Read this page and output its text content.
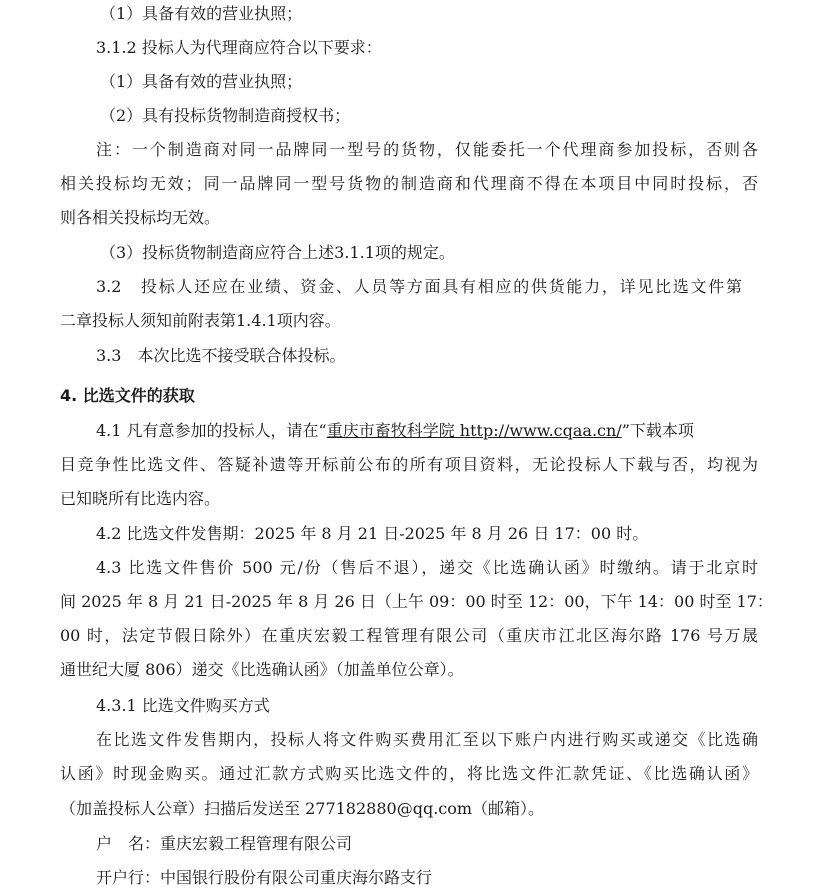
（1）具备有效的营业执照；
3.1.2 投标人为代理商应符合以下要求：
（1）具备有效的营业执照；
（2）具有投标货物制造商授权书；
注：一个制造商对同一品牌同一型号的货物，仅能委托一个代理商参加投标，否则各
相关投标均无效；同一品牌同一型号货物的制造商和代理商不得在本项目中同时投标，否
则各相关投标均无效。
（3）投标货物制造商应符合上述3.1.1项的规定。
3.2　投标人还应在业绩、资金、人员等方面具有相应的供货能力，详见比选文件第
二章投标人须知前附表第1.4.1项内容。
3.3　本次比选不接受联合体投标。
4. 比选文件的获取
4.1 凡有意参加的投标人，请在“重庆市畜牧科学院 http://www.cqaa.cn/”下载本项
目竞争性比选文件、答疑补遗等开标前公布的所有项目资料，无论投标人下载与否，均视为
已知晓所有比选内容。
4.2 比选文件发售期：2025 年 8 月 21 日-2025 年 8 月 26 日 17：00 时。
4.3 比选文件售价 500 元/份（售后不退），递交《比选确认函》时缴纳。请于北京时
间 2025 年 8 月 21 日-2025 年 8 月 26 日（上午 09：00 时至 12：00，下午 14：00 时至 17：
00 时，法定节假日除外）在重庆宏毅工程管理有限公司（重庆市江北区海尔路 176 号万晟
通世纪大厦 806）递交《比选确认函》（加盖单位公章）。
4.3.1 比选文件购买方式
在比选文件发售期内，投标人将文件购买费用汇至以下账户内进行购买或递交《比选确
认函》时现金购买。通过汇款方式购买比选文件的，将比选文件汇款凭证、《比选确认函》
（加盖投标人公章）扫描后发送至 277182880@qq.com（邮箱）。
户　名：重庆宏毅工程管理有限公司
开户行：中国银行股份有限公司重庆海尔路支行
